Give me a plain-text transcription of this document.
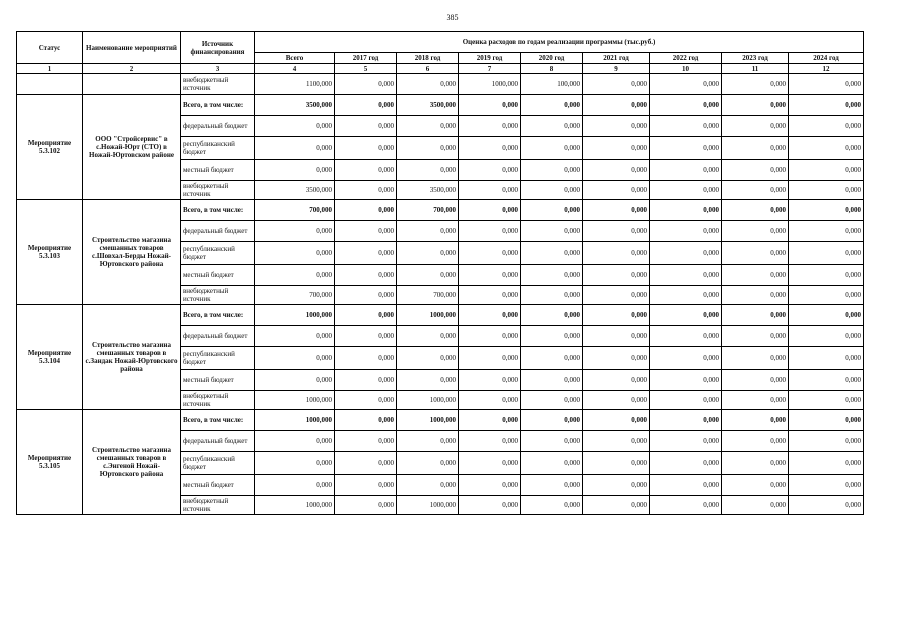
385
Статус	Наименование мероприятий	Источник финансирования	Оценка расходов по годам реализации программы (тыс.руб.)								
			Всего	2017 год	2018 год	2019 год	2020 год	2021 год	2022 год	2023 год	2024 год
1	2	3	4	5	6	7	8	9	10	11	12
		внебюджетный источник	1100,000	0,000	0,000	1000,000	100,000	0,000	0,000	0,000	0,000
Мероприятие 5.3.102	ООО "Стройсервис" в с.Ножай-Юрт (СТО) в Ножай-Юртовском районе	Всего, в том числе:	3500,000	0,000	3500,000	0,000	0,000	0,000	0,000	0,000	0,000
		федеральный бюджет	0,000	0,000	0,000	0,000	0,000	0,000	0,000	0,000	0,000
		республиканский бюджет	0,000	0,000	0,000	0,000	0,000	0,000	0,000	0,000	0,000
		местный бюджет	0,000	0,000	0,000	0,000	0,000	0,000	0,000	0,000	0,000
		внебюджетный источник	3500,000	0,000	3500,000	0,000	0,000	0,000	0,000	0,000	0,000
Мероприятие 5.3.103	Строительство магазина смешанных товаров с.Шовхал-Берды Ножай-Юртовского района	Всего, в том числе:	700,000	0,000	700,000	0,000	0,000	0,000	0,000	0,000	0,000
		федеральный бюджет	0,000	0,000	0,000	0,000	0,000	0,000	0,000	0,000	0,000
		республиканский бюджет	0,000	0,000	0,000	0,000	0,000	0,000	0,000	0,000	0,000
		местный бюджет	0,000	0,000	0,000	0,000	0,000	0,000	0,000	0,000	0,000
		внебюджетный источник	700,000	0,000	700,000	0,000	0,000	0,000	0,000	0,000	0,000
Мероприятие 5.3.104	Строительство магазина смешанных товаров в с.Зандак Ножай-Юртовского района	Всего, в том числе:	1000,000	0,000	1000,000	0,000	0,000	0,000	0,000	0,000	0,000
		федеральный бюджет	0,000	0,000	0,000	0,000	0,000	0,000	0,000	0,000	0,000
		республиканский бюджет	0,000	0,000	0,000	0,000	0,000	0,000	0,000	0,000	0,000
		местный бюджет	0,000	0,000	0,000	0,000	0,000	0,000	0,000	0,000	0,000
		внебюджетный источник	1000,000	0,000	1000,000	0,000	0,000	0,000	0,000	0,000	0,000
Мероприятие 5.3.105	Строительство магазина смешанных товаров в с.Энгеной Ножай-Юртовского района	Всего, в том числе:	1000,000	0,000	1000,000	0,000	0,000	0,000	0,000	0,000	0,000
		федеральный бюджет	0,000	0,000	0,000	0,000	0,000	0,000	0,000	0,000	0,000
		республиканский бюджет	0,000	0,000	0,000	0,000	0,000	0,000	0,000	0,000	0,000
		местный бюджет	0,000	0,000	0,000	0,000	0,000	0,000	0,000	0,000	0,000
		внебюджетный источник	1000,000	0,000	1000,000	0,000	0,000	0,000	0,000	0,000	0,000
